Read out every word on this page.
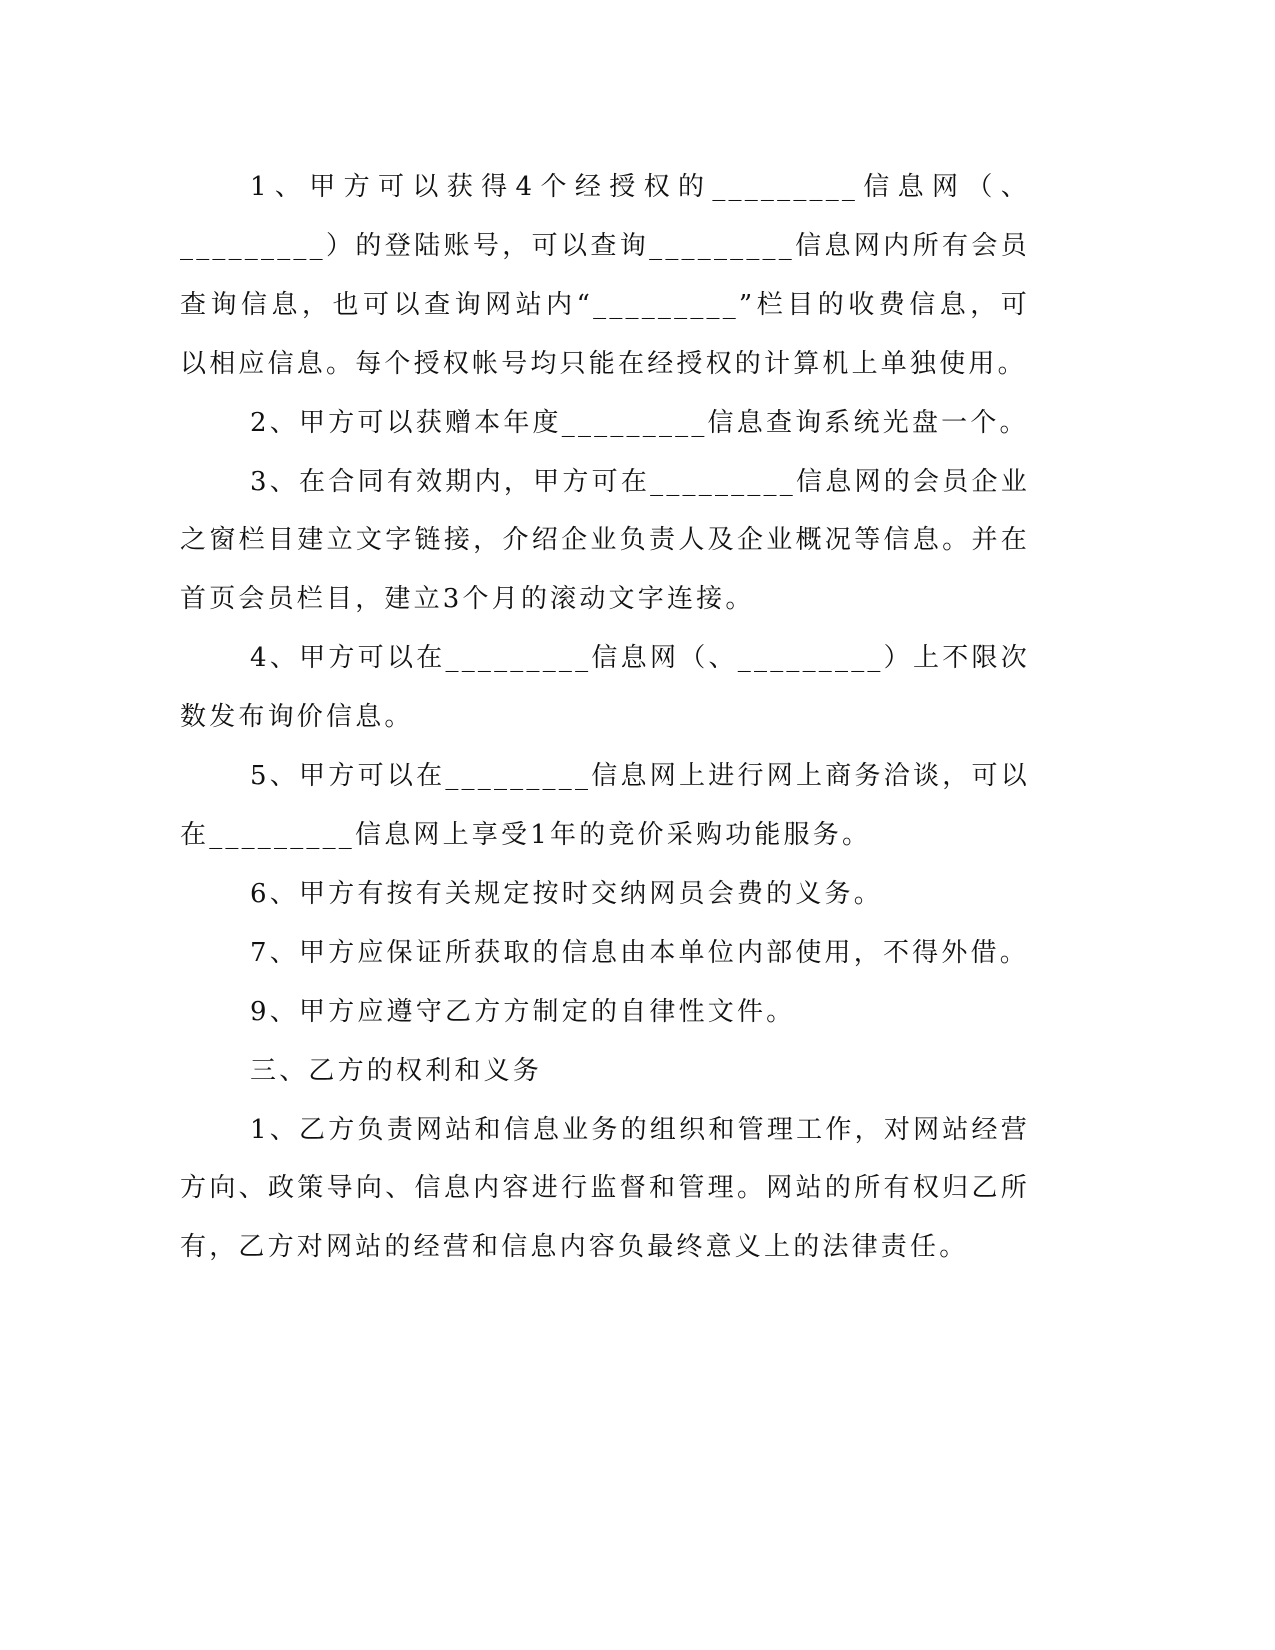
1、甲方可以获得4个经授权的_________信息网（、_________）的登陆账号，可以查询_________信息网内所有会员查询信息，也可以查询网站内“_________”栏目的收费信息，可以相应信息。每个授权帐号均只能在经授权的计算机上单独使用。

2、甲方可以获赠本年度_________信息查询系统光盘一个。

3、在合同有效期内，甲方可在_________信息网的会员企业之窗栏目建立文字链接，介绍企业负责人及企业概况等信息。并在首页会员栏目，建立3个月的滚动文字连接。

4、甲方可以在_________信息网（、_________）上不限次数发布询价信息。

5、甲方可以在_________信息网上进行网上商务洽谈，可以在_________信息网上享受1年的竞价采购功能服务。

6、甲方有按有关规定按时交纳网员会费的义务。

7、甲方应保证所获取的信息由本单位内部使用，不得外借。

9、甲方应遵守乙方方制定的自律性文件。

三、乙方的权利和义务

1、乙方负责网站和信息业务的组织和管理工作，对网站经营方向、政策导向、信息内容进行监督和管理。网站的所有权归乙所有，乙方对网站的经营和信息内容负最终意义上的法律责任。
